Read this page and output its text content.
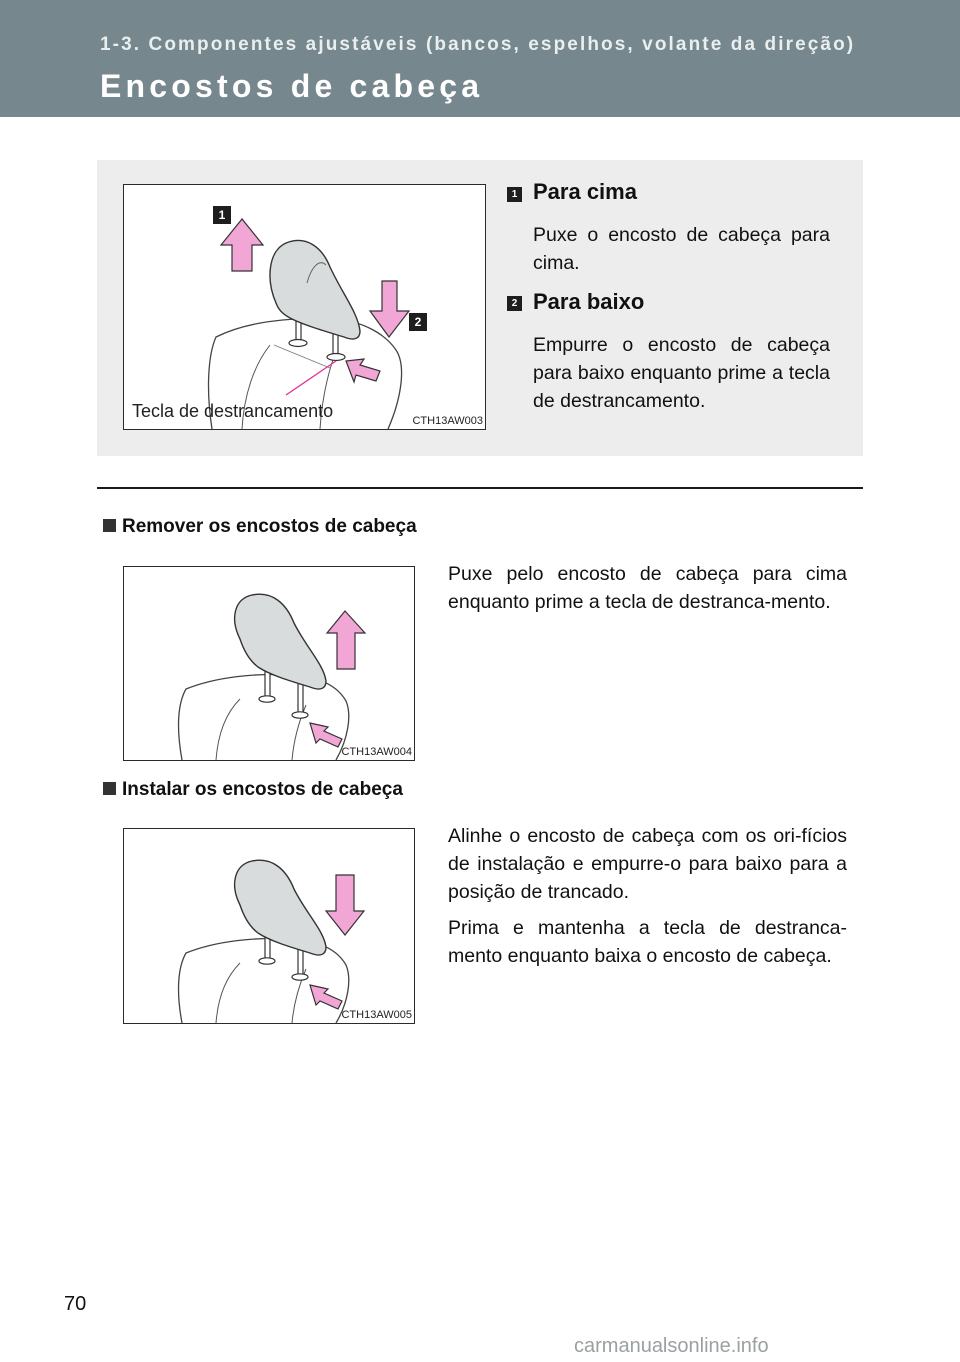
1-3. Componentes ajustáveis (bancos, espelhos, volante da direção)

Encostos de cabeça
1
2
Tecla de destrancamento	CTH13AW003
1 Para cima

Puxe o encosto de cabeça para cima.

2 Para baixo

Empurre o encosto de cabeça para baixo enquanto prime a tecla de destrancamento.

Remover os encostos de cabeça
CTH13AW004

Puxe pelo encosto de cabeça para cima enquanto prime a tecla de destranca-mento.

Instalar os encostos de cabeça
CTH13AW005

Alinhe o encosto de cabeça com os ori-fícios de instalação e empurre-o para baixo para a posição de trancado.

Prima e mantenha a tecla de destranca-mento enquanto baixa o encosto de cabeça.

70
carmanualsonline.info
